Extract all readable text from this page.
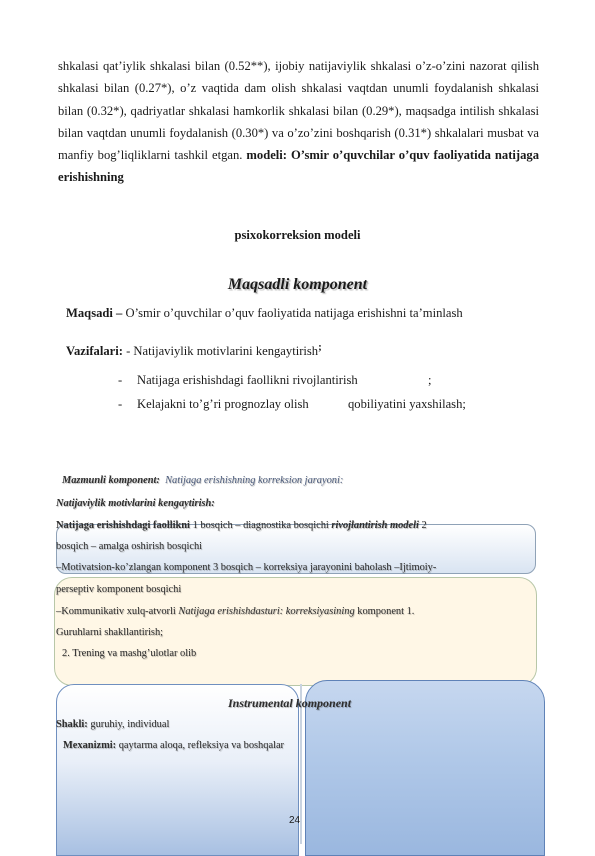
shkalasi qat’iylik shkalasi bilan (0.52**), ijobiy natijaviylik shkalasi o’z-o’zini nazorat qilish shkalasi bilan (0.27*), o’z vaqtida dam olish shkalasi vaqtdan unumli foydalanish shkalasi bilan (0.32*), qadriyatlar shkalasi hamkorlik shkalasi bilan (0.29*), maqsadga intilish shkalasi bilan vaqtdan unumli foydalanish (0.30*) va o’zo’zini boshqarish (0.31*) shkalalari musbat va manfiy bog’liqliklarni tashkil etgan. modeli: O’smir o’quvchilar o’quv faoliyatida natijaga erishishning
psixokorreksion modeli
Maqsadli komponent
Maqsadi – O’smir o’quvchilar o’quv faoliyatida natijaga erishishni ta’minlash
Vazifalari: - Natijaviylik motivlarini kengaytirish;
- Natijaga erishishdagi faollikni rivojlantirish	;
- Kelajakni to’g’ri prognozlay olish	qobiliyatini yaxshilash;
Mazmunli komponent: Natijaga erishishning korreksion jarayoni:
Natijaviylik motivlarini kengaytirish:
Natijaga erishishdagi faollikni 1 bosqich – diagnostika bosqichi rivojlantirish modeli 2
bosqich – amalga oshirish bosqichi
–Motivatsion-ko’zlangan komponent 3 bosqich – korreksiya jarayonini baholash –Ijtimoiy-
perseptiv komponent bosqichi
–Kommunikativ xulq-atvorli Natijaga erishishdasturi: korreksiyasining komponent 1.
Guruhlarni shakllantirish;
2. Trening va mashg’ulotlar olib
Instrumental komponent
Shakli: guruhiy, individual
Mexanizmi: qaytarma aloqa, refleksiya va boshqalar
24
